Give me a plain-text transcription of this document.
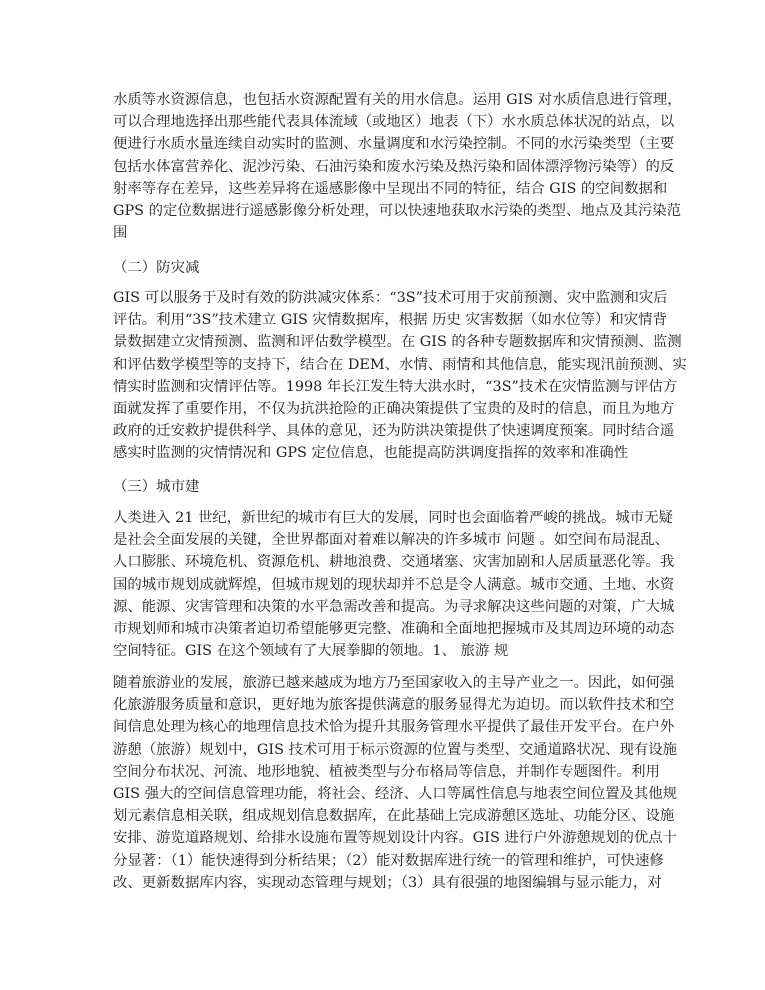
水质等水资源信息，也包括水资源配置有关的用水信息。运用 GIS 对水质信息进行管理，
可以合理地选择出那些能代表具体流域（或地区）地表（下）水水质总体状况的站点，以
便进行水质水量连续自动实时的监测、水量调度和水污染控制。不同的水污染类型（主要
包括水体富营养化、泥沙污染、石油污染和废水污染及热污染和固体漂浮物污染等）的反
射率等存在差异，这些差异将在遥感影像中呈现出不同的特征，结合 GIS 的空间数据和
GPS 的定位数据进行遥感影像分析处理，可以快速地获取水污染的类型、地点及其污染范
围
（二）防灾减
GIS 可以服务于及时有效的防洪减灾体系：“3S”技术可用于灾前预测、灾中监测和灾后
评估。利用“3S”技术建立 GIS 灾情数据库，根据 历史 灾害数据（如水位等）和灾情背
景数据建立灾情预测、监测和评估数学模型。在 GIS 的各种专题数据库和灾情预测、监测
和评估数学模型等的支持下，结合在 DEM、水情、雨情和其他信息，能实现汛前预测、实
情实时监测和灾情评估等。1998 年长江发生特大洪水时，“3S”技术在灾情监测与评估方
面就发挥了重要作用，不仅为抗洪抢险的正确决策提供了宝贵的及时的信息，而且为地方
政府的迁安救护提供科学、具体的意见，还为防洪决策提供了快速调度预案。同时结合遥
感实时监测的灾情情况和 GPS 定位信息，也能提高防洪调度指挥的效率和准确性
（三）城市建
人类进入 21 世纪，新世纪的城市有巨大的发展，同时也会面临着严峻的挑战。城市无疑
是社会全面发展的关键，全世界都面对着难以解决的许多城市 问题 。如空间布局混乱、
人口膨胀、环境危机、资源危机、耕地浪费、交通堵塞、灾害加剧和人居质量恶化等。我
国的城市规划成就辉煌，但城市规划的现状却并不总是令人满意。城市交通、土地、水资
源、能源、灾害管理和决策的水平急需改善和提高。为寻求解决这些问题的对策，广大城
市规划师和城市决策者迫切希望能够更完整、准确和全面地把握城市及其周边环境的动态
空间特征。GIS 在这个领域有了大展拳脚的领地。1、 旅游 规
随着旅游业的发展，旅游已越来越成为地方乃至国家收入的主导产业之一。因此，如何强
化旅游服务质量和意识，更好地为旅客提供满意的服务显得尤为迫切。而以软件技术和空
间信息处理为核心的地理信息技术恰为提升其服务管理水平提供了最佳开发平台。在户外
游憩（旅游）规划中，GIS 技术可用于标示资源的位置与类型、交通道路状况、现有设施
空间分布状况、河流、地形地貌、植被类型与分布格局等信息，并制作专题图件。利用
GIS 强大的空间信息管理功能，将社会、经济、人口等属性信息与地表空间位置及其他规
划元素信息相关联，组成规划信息数据库，在此基础上完成游憩区选址、功能分区、设施
安排、游览道路规划、给排水设施布置等规划设计内容。GIS 进行户外游憩规划的优点十
分显著：（1）能快速得到分析结果；（2）能对数据库进行统一的管理和维护，可快速修
改、更新数据库内容，实现动态管理与规划；（3）具有很强的地图编辑与显示能力，对
